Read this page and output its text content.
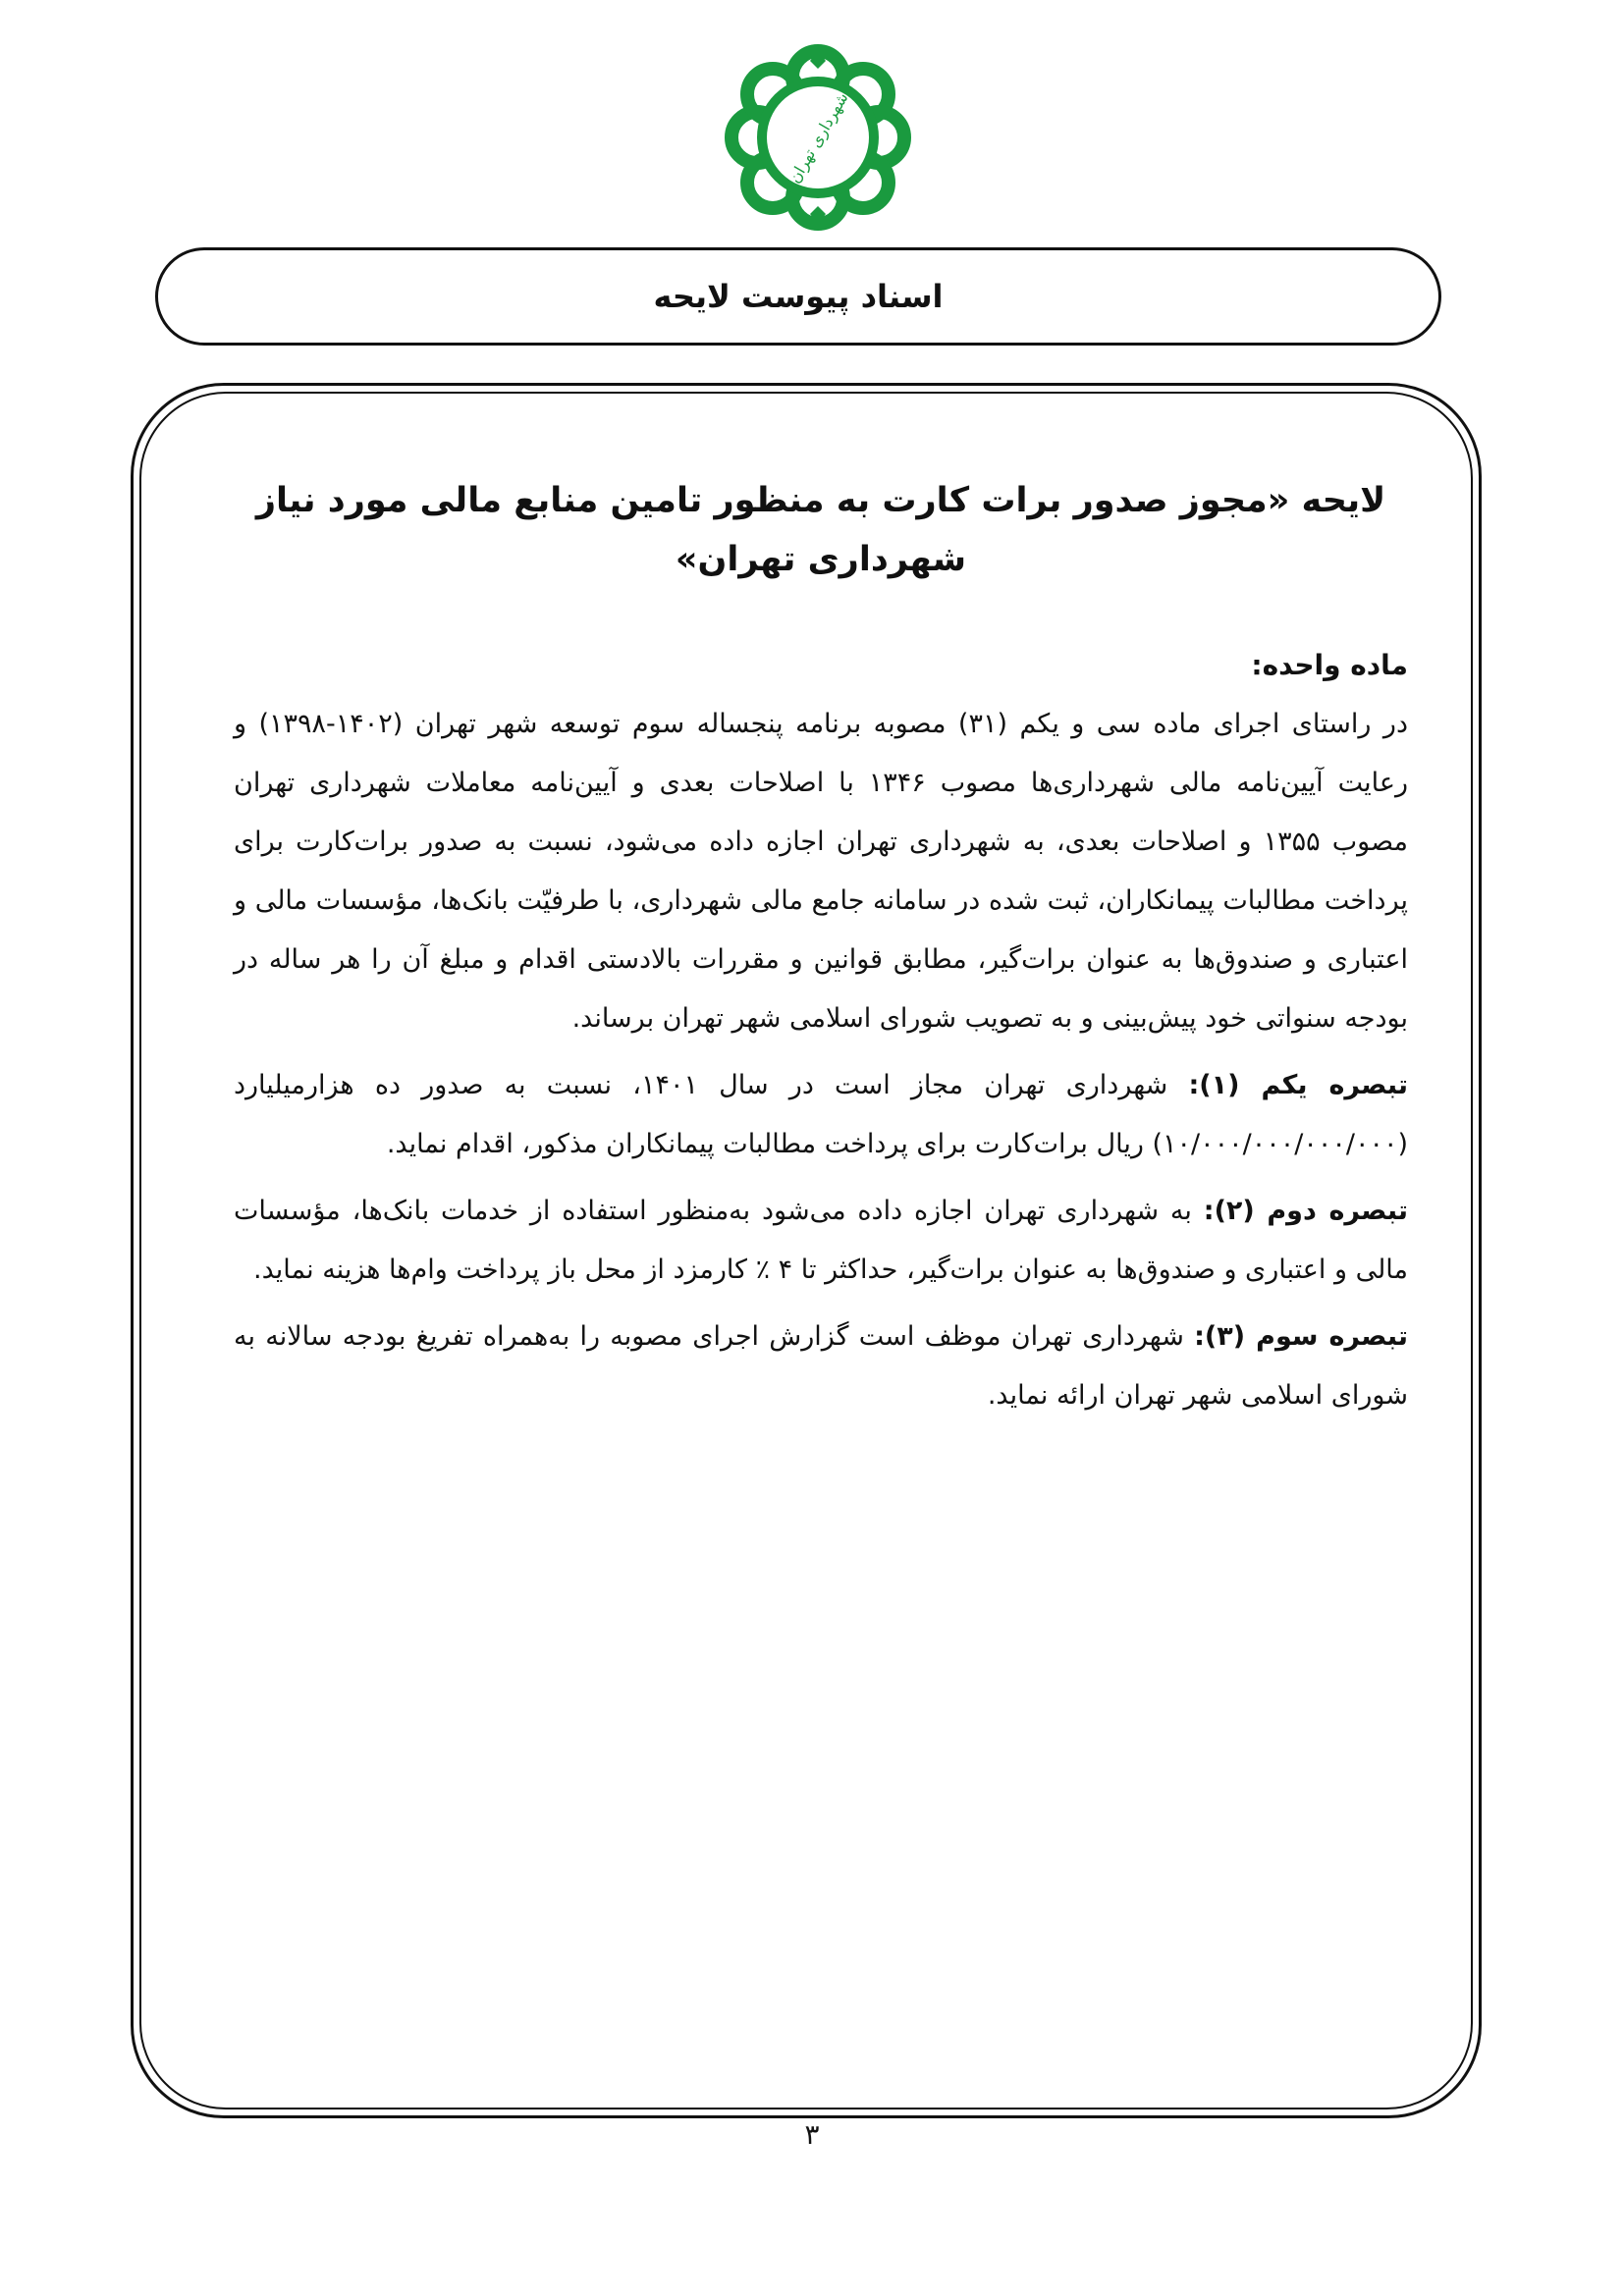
شهرداری تهران
اسناد پیوست لایحه
لایحه «مجوز صدور برات کارت به منظور تامین منابع مالی مورد نیاز شهرداری تهران»

ماده واحده:

در راستای اجرای ماده سی و یکم (۳۱) مصوبه برنامه پنجساله سوم توسعه شهر تهران (۱۴۰۲-۱۳۹۸) و رعایت آیین‌نامه مالی شهرداری‌ها مصوب ۱۳۴۶ با اصلاحات بعدی و آیین‌نامه معاملات شهرداری تهران مصوب ۱۳۵۵ و اصلاحات بعدی، به شهرداری تهران اجازه داده می‌شود، نسبت به صدور برات‌کارت برای پرداخت مطالبات پیمانکاران، ثبت شده در سامانه جامع مالی شهرداری، با طرفیّت بانک‌ها، مؤسسات مالی و اعتباری و صندوق‌ها به عنوان برات‌گیر، مطابق قوانین و مقررات بالادستی اقدام و مبلغ آن را هر ساله در بودجه سنواتی خود پیش‌بینی و به تصویب شورای اسلامی شهر تهران برساند.

تبصره یکم (۱): شهرداری تهران مجاز است در سال ۱۴۰۱، نسبت به صدور ده هزارمیلیارد (۱۰/۰۰۰/۰۰۰/۰۰۰/۰۰۰) ریال برات‌کارت برای پرداخت مطالبات پیمانکاران مذکور، اقدام نماید.

تبصره دوم (۲): به شهرداری تهران اجازه داده می‌شود به‌منظور استفاده از خدمات بانک‌ها، مؤسسات مالی و اعتباری و صندوق‌ها به عنوان برات‌گیر، حداکثر تا ۴ ٪ کارمزد از محل باز پرداخت وام‌ها هزینه نماید.

تبصره سوم (۳): شهرداری تهران موظف است گزارش اجرای مصوبه را به‌همراه تفریغ بودجه سالانه به شورای اسلامی شهر تهران ارائه نماید.

۳
